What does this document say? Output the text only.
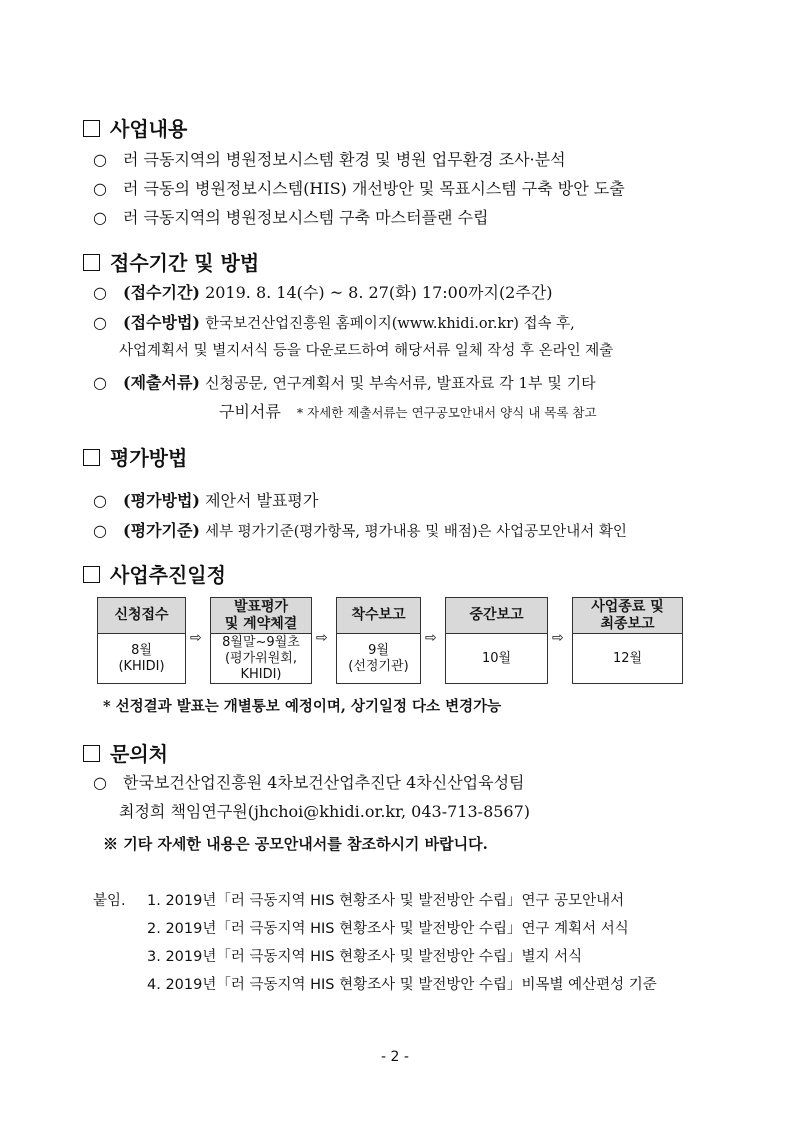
사업내용
○ 러 극동지역의 병원정보시스템 환경 및 병원 업무환경 조사·분석
○ 러 극동의 병원정보시스템(HIS) 개선방안 및 목표시스템 구축 방안 도출
○ 러 극동지역의 병원정보시스템 구축 마스터플랜 수립
접수기간 및 방법
○ (접수기간) 2019. 8. 14(수) ~ 8. 27(화) 17:00까지(2주간)
○ (접수방법) 한국보건산업진흥원 홈페이지(www.khidi.or.kr) 접속 후,
사업계획서 및 별지서식 등을 다운로드하여 해당서류 일체 작성 후 온라인 제출
○ (제출서류) 신청공문, 연구계획서 및 부속서류, 발표자료 각 1부 및 기타
구비서류 * 자세한 제출서류는 연구공모안내서 양식 내 목록 참고
평가방법
○ (평가방법) 제안서 발표평가
○ (평가기준) 세부 평가기준(평가항목, 평가내용 및 배점)은 사업공모안내서 확인
사업추진일정
신청접수
8월
(KHIDI)
⇨
발표평가
및 계약체결
8월말~9월초
(평가위원회,
KHIDI)
⇨
착수보고
9월
(선정기관)
⇨
중간보고
10월
⇨
사업종료 및
최종보고
12월
* 선정결과 발표는 개별통보 예정이며, 상기일정 다소 변경가능
문의처
○ 한국보건산업진흥원 4차보건산업추진단 4차신산업육성팀
최정희 책임연구원(jhchoi@khidi.or.kr, 043-713-8567)
※ 기타 자세한 내용은 공모안내서를 참조하시기 바랍니다.
붙임. 1. 2019년「러 극동지역 HIS 현황조사 및 발전방안 수립」연구 공모안내서
2. 2019년「러 극동지역 HIS 현황조사 및 발전방안 수립」연구 계획서 서식
3. 2019년「러 극동지역 HIS 현황조사 및 발전방안 수립」별지 서식
4. 2019년「러 극동지역 HIS 현황조사 및 발전방안 수립」비목별 예산편성 기준
- 2 -
